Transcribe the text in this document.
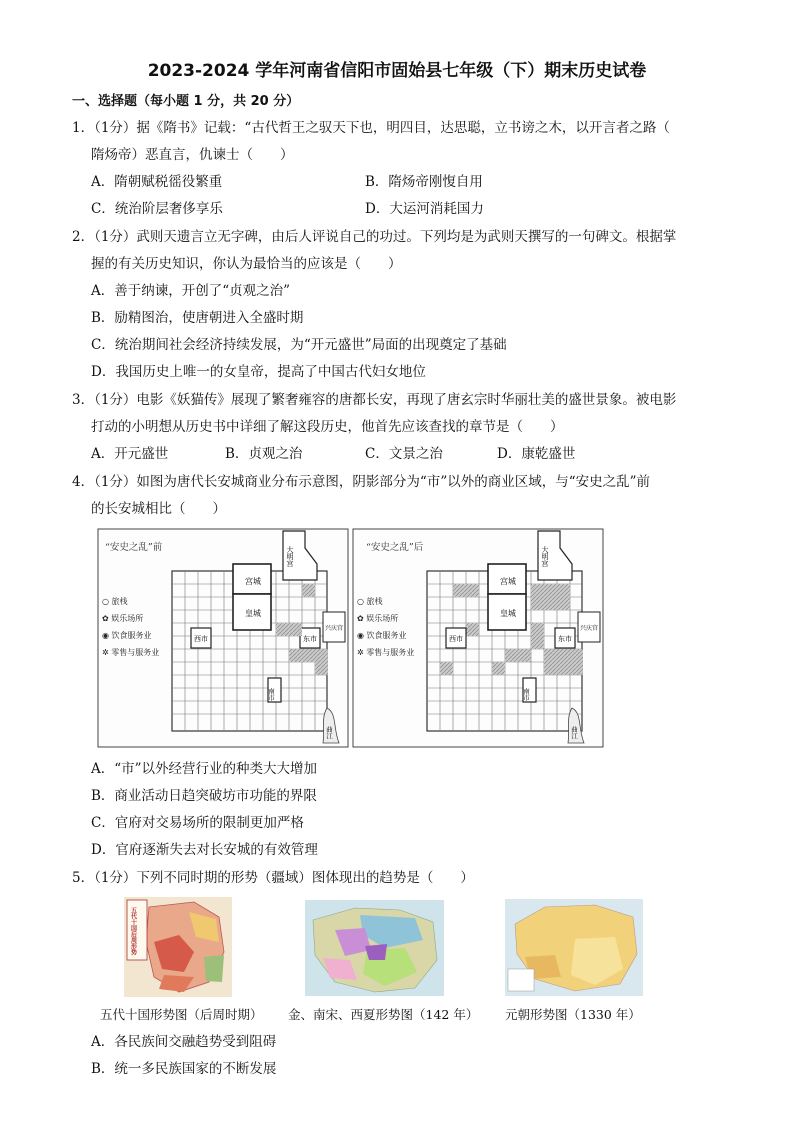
2023-2024 学年河南省信阳市固始县七年级（下）期末历史试卷
一、选择题（每小题 1 分，共 20 分）
1．（1分）据《隋书》记载：“古代哲王之驭天下也，明四目，达思聪，立书谤之木，以开言者之路（
隋炀帝）恶直言，仇谏士（　　）
A．隋朝赋税徭役繁重	B．隋炀帝刚愎自用
C．统治阶层奢侈享乐	D．大运河消耗国力
2．（1分）武则天遗言立无字碑，由后人评说自己的功过。下列均是为武则天撰写的一句碑文。根据掌
握的有关历史知识，你认为最恰当的应该是（　　）
A．善于纳谏，开创了“贞观之治”
B．励精图治，使唐朝进入全盛时期
C．统治期间社会经济持续发展，为“开元盛世”局面的出现奠定了基础
D．我国历史上唯一的女皇帝，提高了中国古代妇女地位
3．（1分）电影《妖猫传》展现了繁奢雍容的唐都长安，再现了唐玄宗时华丽壮美的盛世景象。被电影
打动的小明想从历史书中详细了解这段历史，他首先应该查找的章节是（　　）
A．开元盛世	B．贞观之治	C．文景之治	D．康乾盛世
4．（1分）如图为唐代长安城商业分布示意图，阴影部分为“市”以外的商业区域，与“安史之乱”前
的长安城相比（　　）
“安史之乱”前
宫城
皇城
大明宫
西市	东市
南市
兴庆宫
曲江
○ 旅栈
✿ 娱乐场所
◉ 饮食服务业
✲ 零售与服务业
“安史之乱”后
宫城
皇城
大明宫
西市	东市
南市
兴庆宫
曲江
○ 旅栈
✿ 娱乐场所
◉ 饮食服务业
✲ 零售与服务业
A．“市”以外经营行业的种类大大增加
B．商业活动日趋突破坊市功能的界限
C．官府对交易场所的限制更加严格
D．官府逐渐失去对长安城的有效管理
5．（1分）下列不同时期的形势（疆域）图体现出的趋势是（　　）
五代十国后周形势
五代十国形势图（后周时期） 金、南宋、西夏形势图（142 年） 元朝形势图（1330 年）
A．各民族间交融趋势受到阻碍
B．统一多民族国家的不断发展
